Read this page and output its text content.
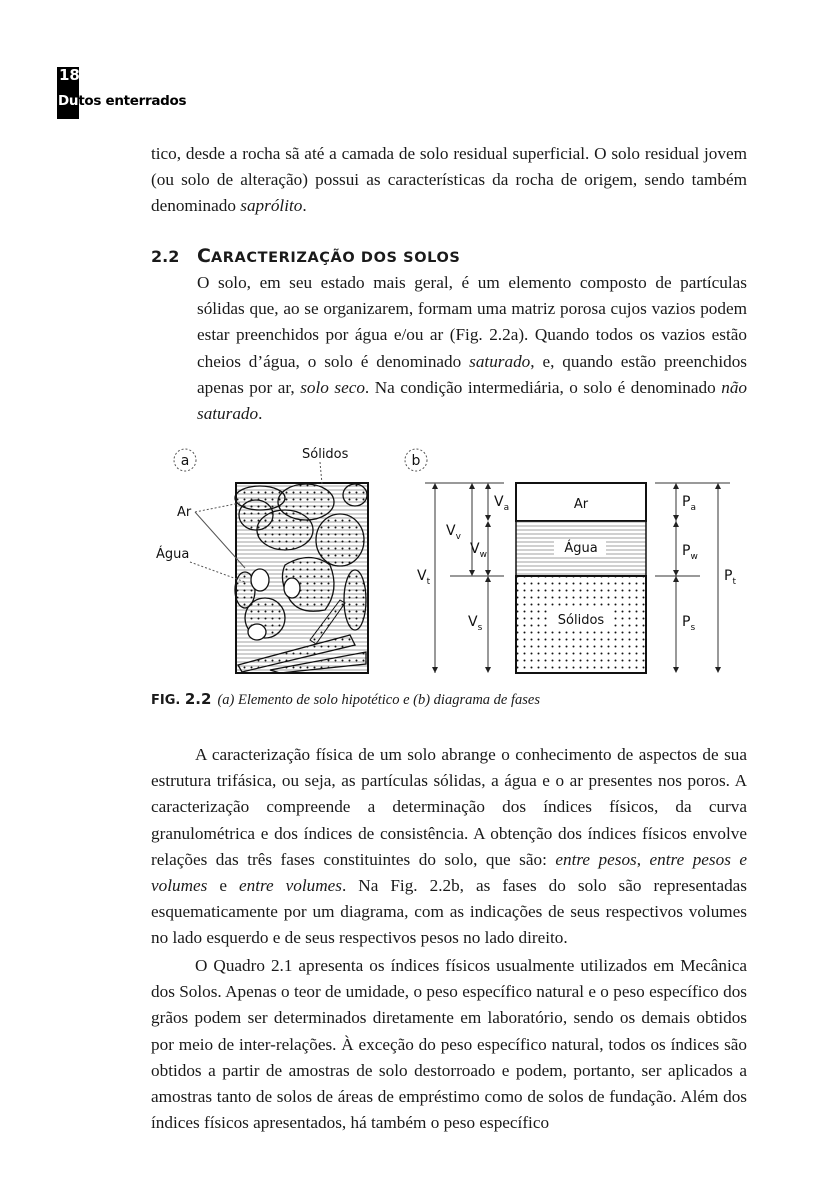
18
Dutos enterrados

tico, desde a rocha sã até a camada de solo residual superficial. O solo residual jovem (ou solo de alteração) possui as características da rocha de origem, sendo também denominado saprólito.

2.2 CARACTERIZAÇÃO DOS SOLOS

O solo, em seu estado mais geral, é um elemento composto de partículas sólidas que, ao se organizarem, formam uma matriz porosa cujos vazios podem estar preenchidos por água e/ou ar (Fig. 2.2a). Quando todos os vazios estão cheios d’água, o solo é denominado saturado, e, quando estão preenchidos apenas por ar, solo seco. Na condição intermediária, o solo é denominado não saturado.

a	Sólidos
Ar
Água
b
Ar
Água
Sólidos
$V_a$
$V_v$
$V_w$
$V_t$
$V_s$
$P_a$
$P_w$
$P_t$
$P_s$
FIG. 2.2 (a) Elemento de solo hipotético e (b) diagrama de fases

A caracterização física de um solo abrange o conhecimento de aspectos de sua estrutura trifásica, ou seja, as partículas sólidas, a água e o ar presentes nos poros. A caracterização compreende a determinação dos índices físicos, da curva granulométrica e dos índices de consistência. A obtenção dos índices físicos envolve relações das três fases constituintes do solo, que são: entre pesos, entre pesos e volumes e entre volumes. Na Fig. 2.2b, as fases do solo são representadas esquematicamente por um diagrama, com as indicações de seus respectivos volumes no lado esquerdo e de seus respectivos pesos no lado direito.

O Quadro 2.1 apresenta os índices físicos usualmente utilizados em Mecânica dos Solos. Apenas o teor de umidade, o peso específico natural e o peso específico dos grãos podem ser determinados diretamente em laboratório, sendo os demais obtidos por meio de inter-relações. À exceção do peso específico natural, todos os índices são obtidos a partir de amostras de solo destorroado e podem, portanto, ser aplicados a amostras tanto de solos de áreas de empréstimo como de solos de fundação. Além dos índices físicos apresentados, há também o peso específico
